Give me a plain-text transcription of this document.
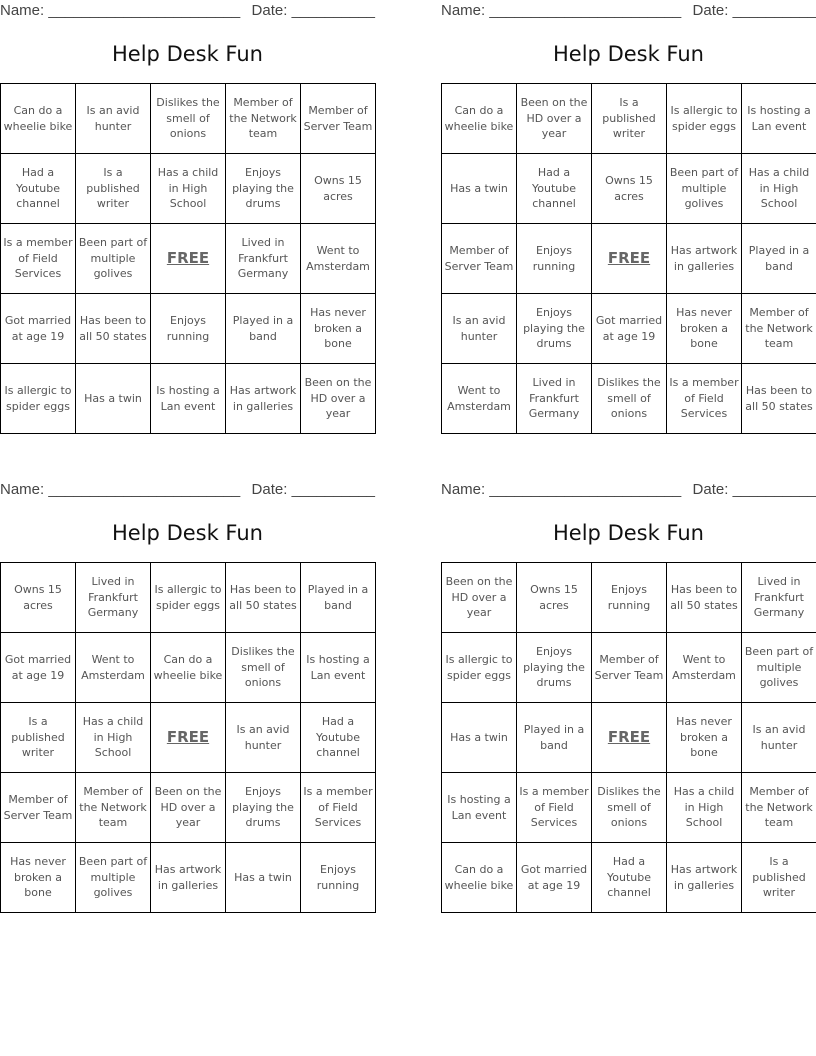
Name: _______________________ Date: __________
Help Desk Fun
Can do a wheelie bike	Is an avid hunter	Dislikes the smell of onions	Member of the Network team	Member of Server Team
Had a Youtube channel	Is a published writer	Has a child in High School	Enjoys playing the drums	Owns 15 acres
Is a member of Field Services	Been part of multiple golives	FREE	Lived in Frankfurt Germany	Went to Amsterdam
Got married at age 19	Has been to all 50 states	Enjoys running	Played in a band	Has never broken a bone
Is allergic to spider eggs	Has a twin	Is hosting a Lan event	Has artwork in galleries	Been on the HD over a year
Name: _______________________ Date: __________
Help Desk Fun
Can do a wheelie bike	Been on the HD over a year	Is a published writer	Is allergic to spider eggs	Is hosting a Lan event
Has a twin	Had a Youtube channel	Owns 15 acres	Been part of multiple golives	Has a child in High School
Member of Server Team	Enjoys running	FREE	Has artwork in galleries	Played in a band
Is an avid hunter	Enjoys playing the drums	Got married at age 19	Has never broken a bone	Member of the Network team
Went to Amsterdam	Lived in Frankfurt Germany	Dislikes the smell of onions	Is a member of Field Services	Has been to all 50 states
Name: _______________________ Date: __________
Help Desk Fun
Owns 15 acres	Lived in Frankfurt Germany	Is allergic to spider eggs	Has been to all 50 states	Played in a band
Got married at age 19	Went to Amsterdam	Can do a wheelie bike	Dislikes the smell of onions	Is hosting a Lan event
Is a published writer	Has a child in High School	FREE	Is an avid hunter	Had a Youtube channel
Member of Server Team	Member of the Network team	Been on the HD over a year	Enjoys playing the drums	Is a member of Field Services
Has never broken a bone	Been part of multiple golives	Has artwork in galleries	Has a twin	Enjoys running
Name: _______________________ Date: __________
Help Desk Fun
Been on the HD over a year	Owns 15 acres	Enjoys running	Has been to all 50 states	Lived in Frankfurt Germany
Is allergic to spider eggs	Enjoys playing the drums	Member of Server Team	Went to Amsterdam	Been part of multiple golives
Has a twin	Played in a band	FREE	Has never broken a bone	Is an avid hunter
Is hosting a Lan event	Is a member of Field Services	Dislikes the smell of onions	Has a child in High School	Member of the Network team
Can do a wheelie bike	Got married at age 19	Had a Youtube channel	Has artwork in galleries	Is a published writer
